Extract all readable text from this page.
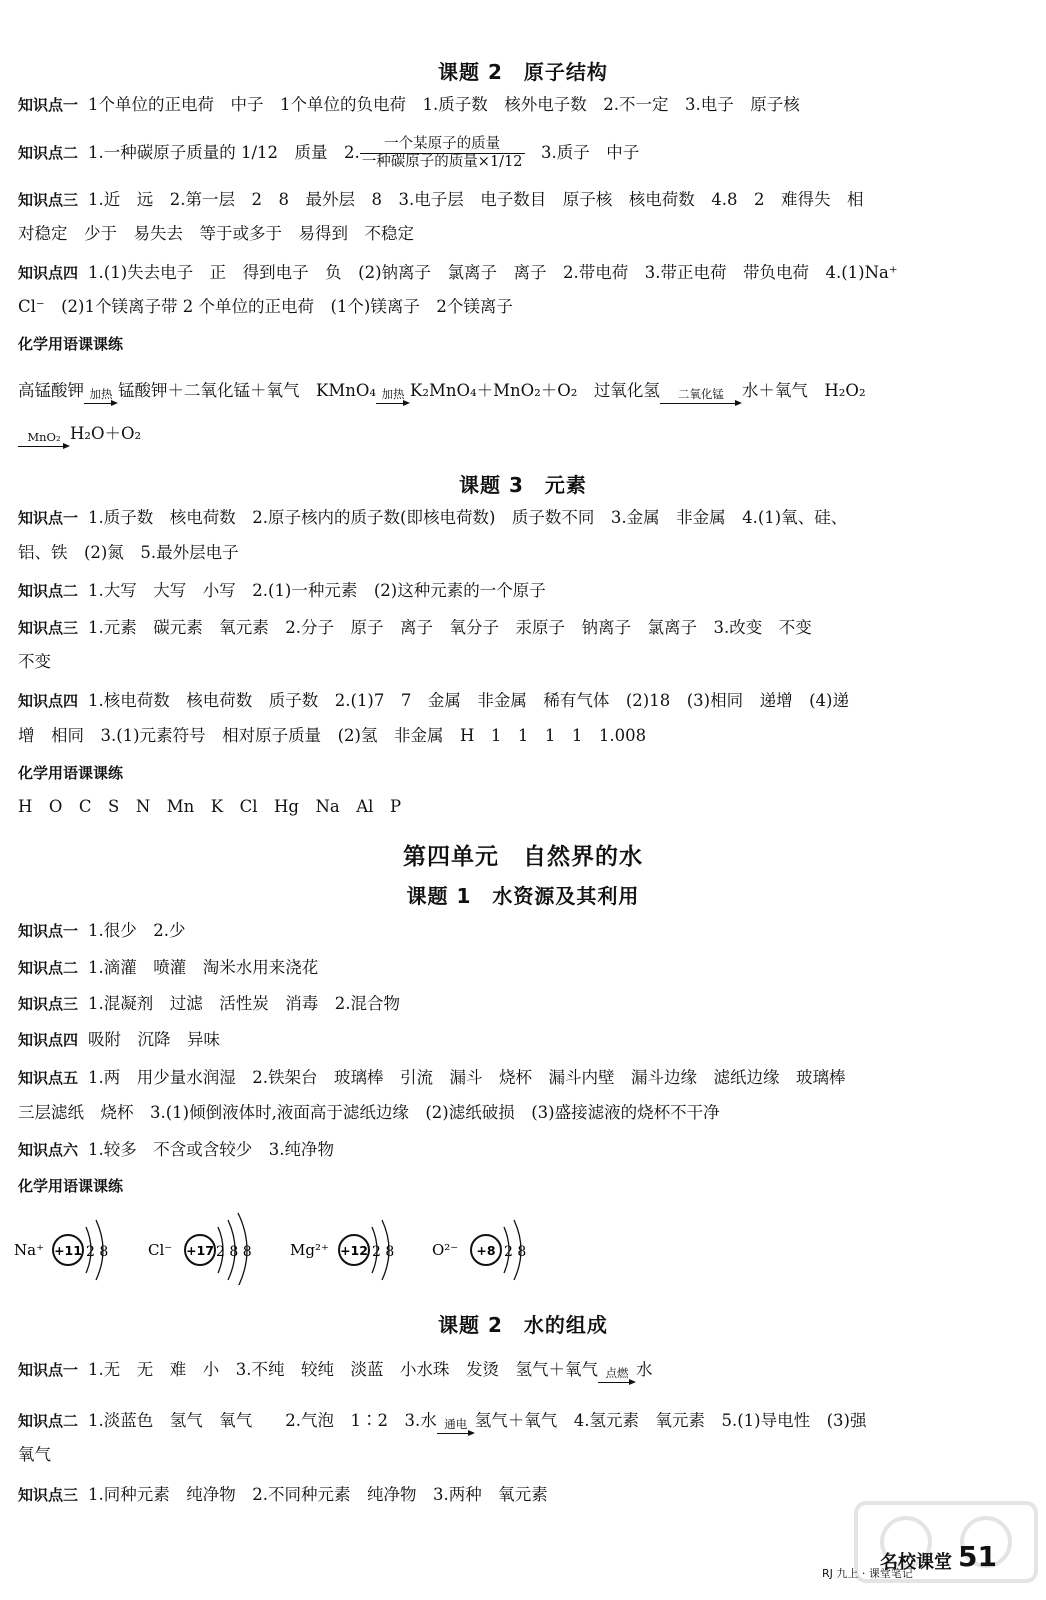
课题 2　原子结构
知识点一 1个单位的正电荷　中子　1个单位的负电荷　1.质子数　核外电子数　2.不一定　3.电子　原子核
知识点二 1.一种碳原子质量的 1/12　质量　2. $\frac{\text{一个某原子的质量}}{\text{一种碳原子的质量×1/12}}$ 　3.质子　中子
知识点三 1.近　远　2.第一层　2　8　最外层　8　3.电子层　电子数目　原子核　核电荷数　4.8　2　难得失　相
对稳定　少于　易失去　等于或多于　易得到　不稳定
知识点四 1.(1)失去电子　正　得到电子　负　(2)钠离子　氯离子　离子　2.带电荷　3.带正电荷　带负电荷　4.(1)Na⁺
Cl⁻　(2)1个镁离子带 2 个单位的正电荷　(1个)镁离子　2个镁离子
化学用语课课练
高锰酸钾 加热 锰酸钾＋二氧化锰＋氧气　KMnO₄ 加热 K₂MnO₄＋MnO₂＋O₂　过氧化氢	二氧化锰	水＋氧气　H₂O₂
MnO₂ H₂O＋O₂
课题 3　元素
知识点一 1.质子数　核电荷数　2.原子核内的质子数(即核电荷数)　质子数不同　3.金属　非金属　4.(1)氧、硅、
铝、铁　(2)氮　5.最外层电子
知识点二 1.大写　大写　小写　2.(1)一种元素　(2)这种元素的一个原子
知识点三 1.元素　碳元素　氧元素　2.分子　原子　离子　氧分子　汞原子　钠离子　氯离子　3.改变　不变
不变
知识点四 1.核电荷数　核电荷数　质子数　2.(1)7　7　金属　非金属　稀有气体　(2)18　(3)相同　递增　(4)递
增　相同　3.(1)元素符号　相对原子质量　(2)氢　非金属　H　1　1　1　1　1.008
化学用语课课练
H　O　C　S　N　Mn　K　Cl　Hg　Na　Al　P
第四单元　自然界的水
课题 1　水资源及其利用
知识点一 1.很少　2.少
知识点二 1.滴灌　喷灌　淘米水用来浇花
知识点三 1.混凝剂　过滤　活性炭　消毒　2.混合物
知识点四 吸附　沉降　异味
知识点五 1.两　用少量水润湿　2.铁架台　玻璃棒　引流　漏斗　烧杯　漏斗内壁　漏斗边缘　滤纸边缘　玻璃棒
三层滤纸　烧杯　3.(1)倾倒液体时,液面高于滤纸边缘　(2)滤纸破损　(3)盛接滤液的烧杯不干净
知识点六 1.较多　不含或含较少　3.纯净物
化学用语课课练
Na⁺ +11 2 8	Cl⁻ +17 2 8 8	Mg²⁺ +12 2 8	O²⁻ +8 2 8
课题 2　水的组成
知识点一 1.无　无　难　小　3.不纯　较纯　淡蓝　小水珠　发烫　氢气＋氧气 点燃 水
知识点二 1.淡蓝色　氢气　氧气　　2.气泡　1∶2　3.水 通电 氢气＋氧气　4.氢元素　氧元素　5.(1)导电性　(3)强
氧气
知识点三 1.同种元素　纯净物　2.不同种元素　纯净物　3.两种　氧元素
RJ 九上 · 课堂笔记
名校课堂 51
